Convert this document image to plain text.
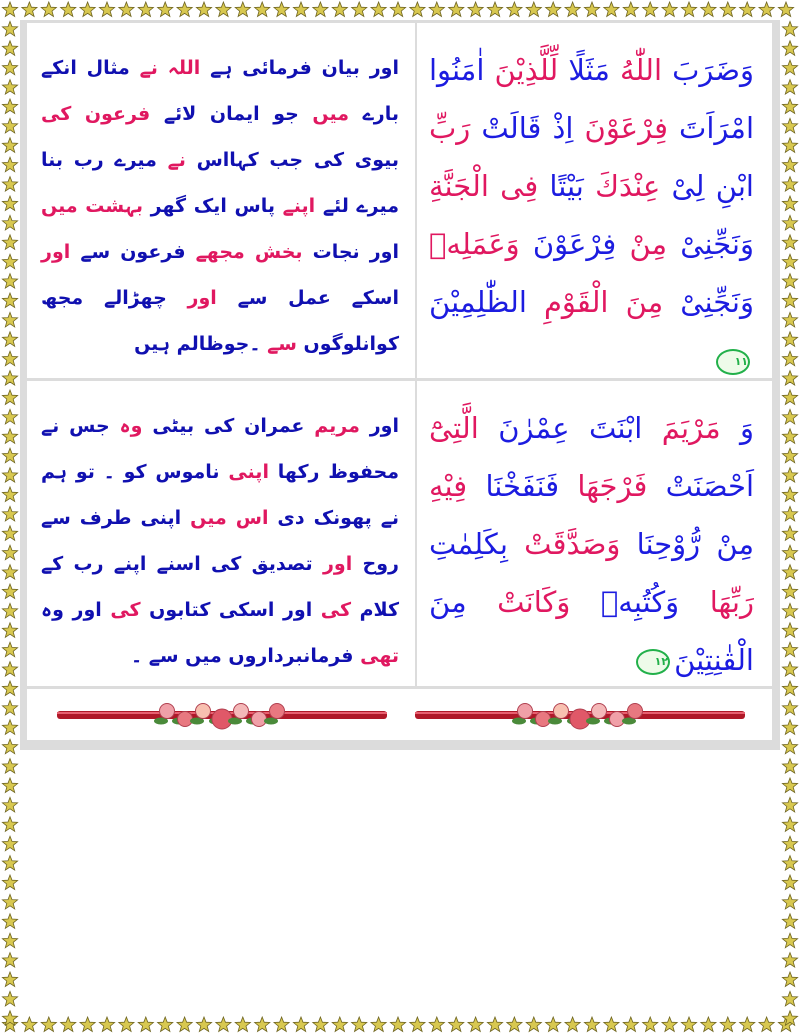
وَضَرَبَ اللّٰهُ مَثَلًا لِّلَّذِيْنَ اٰمَنُوا امْرَاَتَ فِرْعَوْنَ اِذْ قَالَتْ رَبِّ ابْنِ لِىْ عِنْدَكَ بَيْتًا فِى الْجَنَّةِ وَنَجِّنِىْ مِنْ فِرْعَوْنَ وَعَمَلِهٖ وَنَجِّنِىْ مِنَ الْقَوْمِ الظّٰلِمِيْنَ١١
اور بیان فرمائی ہے اللہ نے مثال انکے بارے میں جو ایمان لائے فرعون کی بیوی کی جب کہااس نے میرے رب بنا میرے لئے اپنے پاس ایک گھر بہشت میں اور نجات بخش مجھے فرعون سے اور اسکے عمل سے اور چھڑالے مجھ کوانلوگوں سے ۔جوظالم ہیں
وَ مَرْيَمَ ابْنَتَ عِمْرٰنَ الَّتِىْٓ اَحْصَنَتْ فَرْجَهَا فَنَفَخْنَا فِيْهِ مِنْ رُّوْحِنَا وَصَدَّقَتْ بِكَلِمٰتِ رَبِّهَا وَكُتُبِهٖ وَكَانَتْ مِنَ الْقٰنِتِيْنَ١٢
اور مریم عمران کی بیٹی وہ جس نے محفوظ رکھا اپنی ناموس کو ۔ تو ہم نے پھونک دی اس میں اپنی طرف سے روح اور تصدیق کی اسنے اپنے رب کے کلام کی اور اسکی کتابوں کی اور وہ تھی فرمانبرداروں میں سے ۔
